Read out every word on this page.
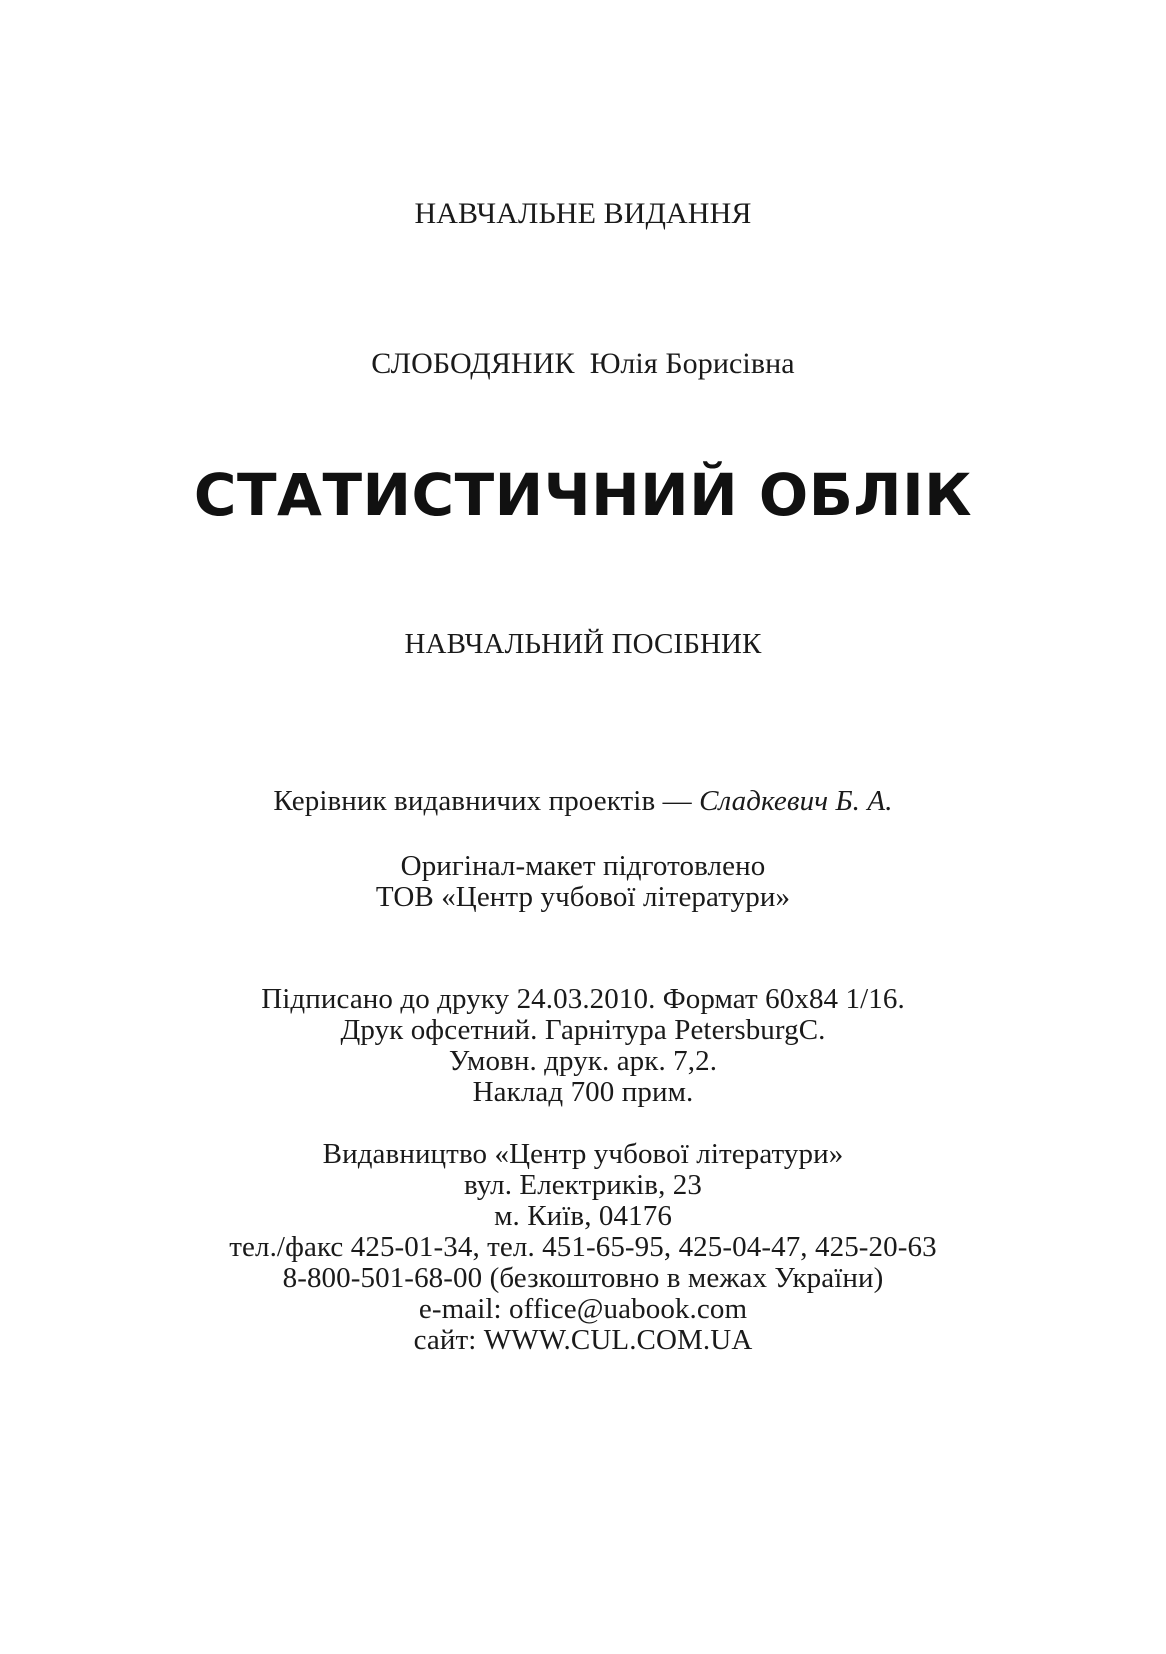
НАВЧАЛЬНЕ ВИДАННЯ
СЛОБОДЯНИК Юлія Борисівна
СТАТИСТИЧНИЙ ОБЛІК
НАВЧАЛЬНИЙ ПОСІБНИК
Керівник видавничих проектів — Сладкевич Б. А.
Оригінал-макет підготовлено
ТОВ «Центр учбової літератури»
Підписано до друку 24.03.2010. Формат 60х84 1/16.
Друк офсетний. Гарнітура PetersburgC.
Умовн. друк. арк. 7,2.
Наклад 700 прим.
Видавництво «Центр учбової літератури»
вул. Електриків, 23
м. Київ, 04176
тел./факс 425-01-34, тел. 451-65-95, 425-04-47, 425-20-63
8-800-501-68-00 (безкоштовно в межах України)
e-mail: office@uabook.com
сайт: WWW.CUL.COM.UA
